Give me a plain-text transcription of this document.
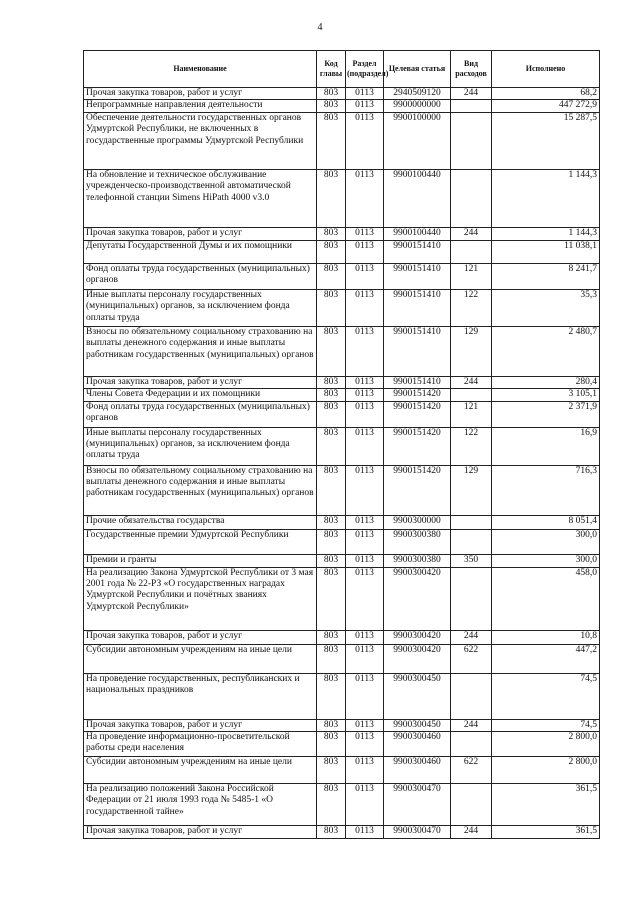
4
Наименование	Код главы	Раздел (подраздел)	Целевая статья	Вид расходов	Исполнено
Прочая закупка товаров, работ и услуг	803	0113	2940509120	244	68,2
Непрограммные направления деятельности	803	0113	9900000000		447 272,9
Обеспечение деятельности государственных органов Удмуртской Республики, не включенных в государственные программы Удмуртской Республики	803	0113	9900100000		15 287,5
На обновление и техническое обслуживание учрежденческо-производственной автоматической телефонной станции Simens HiPath 4000 v3.0	803	0113	9900100440		1 144,3
Прочая закупка товаров, работ и услуг	803	0113	9900100440	244	1 144,3
Депутаты Государственной Думы и их помощники	803	0113	9900151410		11 038,1
Фонд оплаты труда государственных (муниципальных) органов	803	0113	9900151410	121	8 241,7
Иные выплаты персоналу государственных (муниципальных) органов, за исключением фонда оплаты труда	803	0113	9900151410	122	35,3
Взносы по обязательному социальному страхованию на выплаты денежного содержания и иные выплаты работникам государственных (муниципальных) органов	803	0113	9900151410	129	2 480,7
Прочая закупка товаров, работ и услуг	803	0113	9900151410	244	280,4
Члены Совета Федерации и их помощники	803	0113	9900151420		3 105,1
Фонд оплаты труда государственных (муниципальных) органов	803	0113	9900151420	121	2 371,9
Иные выплаты персоналу государственных (муниципальных) органов, за исключением фонда оплаты труда	803	0113	9900151420	122	16,9
Взносы по обязательному социальному страхованию на выплаты денежного содержания и иные выплаты работникам государственных (муниципальных) органов	803	0113	9900151420	129	716,3
Прочие обязательства государства	803	0113	9900300000		8 051,4
Государственные премии Удмуртской Республики	803	0113	9900300380		300,0
Премии и гранты	803	0113	9900300380	350	300,0
На реализацию Закона Удмуртской Республики от 3 мая 2001 года № 22-РЗ «О государственных наградах Удмуртской Республики и почётных званиях Удмуртской Республики»	803	0113	9900300420		458,0
Прочая закупка товаров, работ и услуг	803	0113	9900300420	244	10,8
Субсидии автономным учреждениям на иные цели	803	0113	9900300420	622	447,2
На проведение государственных, республиканских и национальных праздников	803	0113	9900300450		74,5
Прочая закупка товаров, работ и услуг	803	0113	9900300450	244	74,5
На проведение информационно-просветительской работы среди населения	803	0113	9900300460		2 800,0
Субсидии автономным учреждениям на иные цели	803	0113	9900300460	622	2 800,0
На реализацию положений Закона Российской Федерации от 21 июля 1993 года № 5485-1 «О государственной тайне»	803	0113	9900300470		361,5
Прочая закупка товаров, работ и услуг	803	0113	9900300470	244	361,5
